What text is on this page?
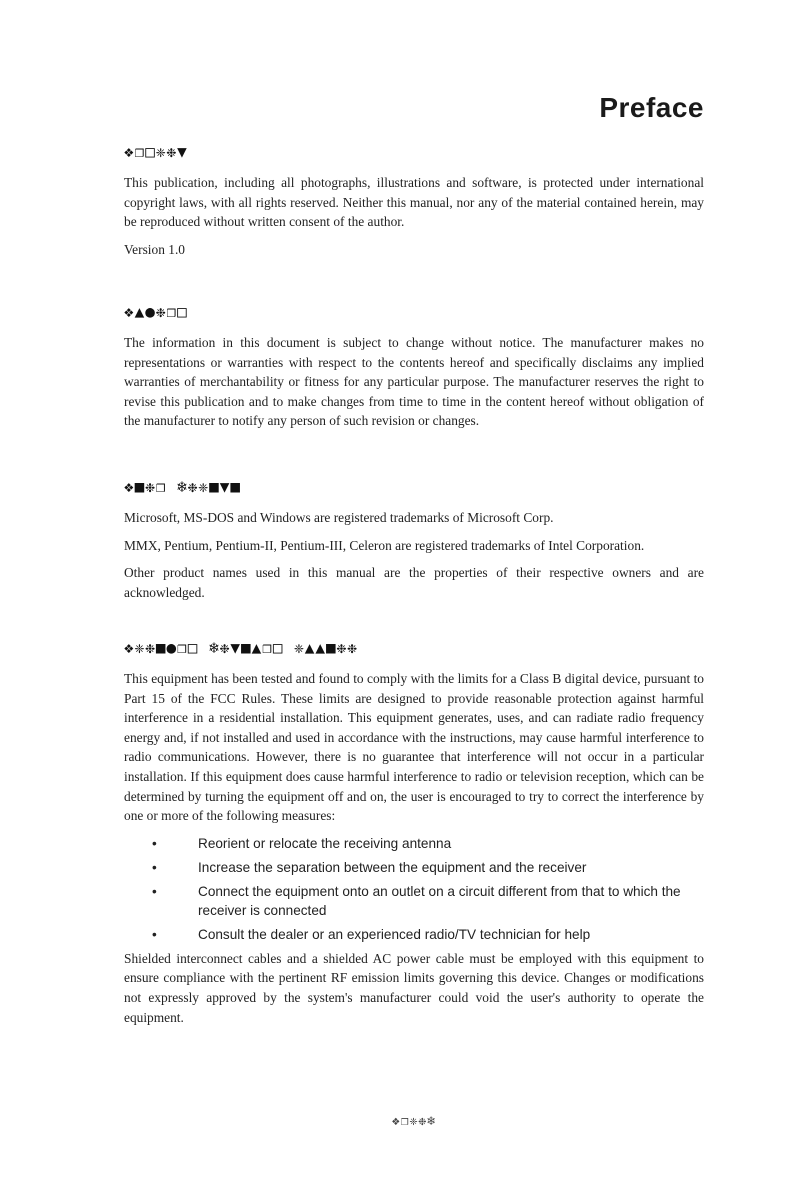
Preface
❖❐□❈❉▼

This publication, including all photographs, illustrations and software, is protected under international copyright laws, with all rights reserved. Neither this manual, nor any of the material contained herein, may be reproduced without written consent of the author.

Version 1.0

❖▲●❉❐□

The information in this document is subject to change without notice. The manufacturer makes no representations or warranties with respect to the contents hereof and specifically disclaims any implied warranties of merchantability or fitness for any particular purpose. The manufacturer reserves the right to revise this publication and to make changes from time to time in the content hereof without obligation of the manufacturer to notify any person of such revision or changes.

❖■❉❐ ❄❉❈■▼■

Microsoft, MS-DOS and Windows are registered trademarks of Microsoft Corp.

MMX, Pentium, Pentium-II, Pentium-III, Celeron are registered trademarks of Intel Corporation.

Other product names used in this manual are the properties of their respective owners and are acknowledged.

❖❈❉■●❐□ ❄❉▼■▲❐□ ❈▲▲■❉❉

This equipment has been tested and found to comply with the limits for a Class B digital device, pursuant to Part 15 of the FCC Rules. These limits are designed to provide reasonable protection against harmful interference in a residential installation. This equipment generates, uses, and can radiate radio frequency energy and, if not installed and used in accordance with the instructions, may cause harmful interference to radio communications. However, there is no guarantee that interference will not occur in a particular installation. If this equipment does cause harmful interference to radio or television reception, which can be determined by turning the equipment off and on, the user is encouraged to try to correct the interference by one or more of the following measures:

•	Reorient or relocate the receiving antenna
•	Increase the separation between the equipment and the receiver
•	Connect the equipment onto an outlet on a circuit different from that to which the receiver is connected
•	Consult the dealer or an experienced radio/TV technician for help

Shielded interconnect cables and a shielded AC power cable must be employed with this equipment to ensure compliance with the pertinent RF emission limits governing this device. Changes or modifications not expressly approved by the system's manufacturer could void the user's authority to operate the equipment.

❖❐❈❉❄
